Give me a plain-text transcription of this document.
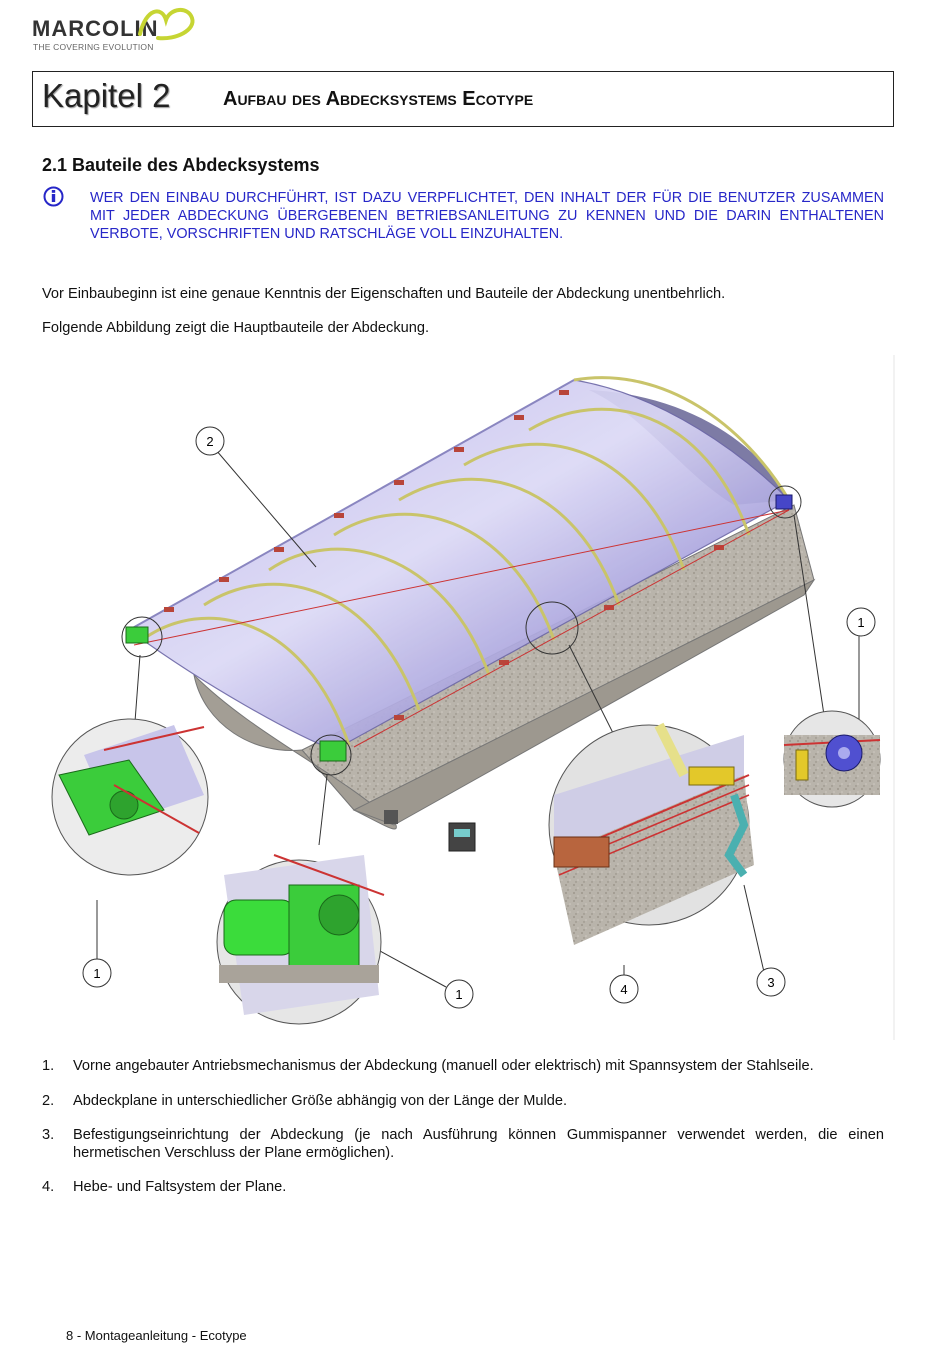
MARCOLIN
THE COVERING EVOLUTION
Kapitel 2	Aufbau des Abdecksystems Ecotype
2.1 Bauteile des Abdecksystems
WER DEN EINBAU DURCHFÜHRT, IST DAZU VERPFLICHTET, DEN INHALT DER FÜR DIE BENUTZER ZUSAMMEN MIT JEDER ABDECKUNG ÜBERGEBENEN BETRIEBSANLEITUNG ZU KENNEN UND DIE DARIN ENTHALTENEN VERBOTE, VORSCHRIFTEN UND RATSCHLÄGE VOLL EINZUHALTEN.
Vor Einbaubeginn ist eine genaue Kenntnis der Eigenschaften und Bauteile der Abdeckung unentbehrlich.
Folgende Abbildung zeigt die Hauptbauteile der Abdeckung.
2
1
1
1	4	3
1. Vorne angebauter Antriebsmechanismus der Abdeckung (manuell oder elektrisch) mit Spannsystem der Stahlseile.
2. Abdeckplane in unterschiedlicher Größe abhängig von der Länge der Mulde.
3. Befestigungseinrichtung der Abdeckung (je nach Ausführung können Gummispanner verwendet werden, die einen hermetischen Verschluss der Plane ermöglichen).
4. Hebe- und Faltsystem der Plane.
8 - Montageanleitung - Ecotype
